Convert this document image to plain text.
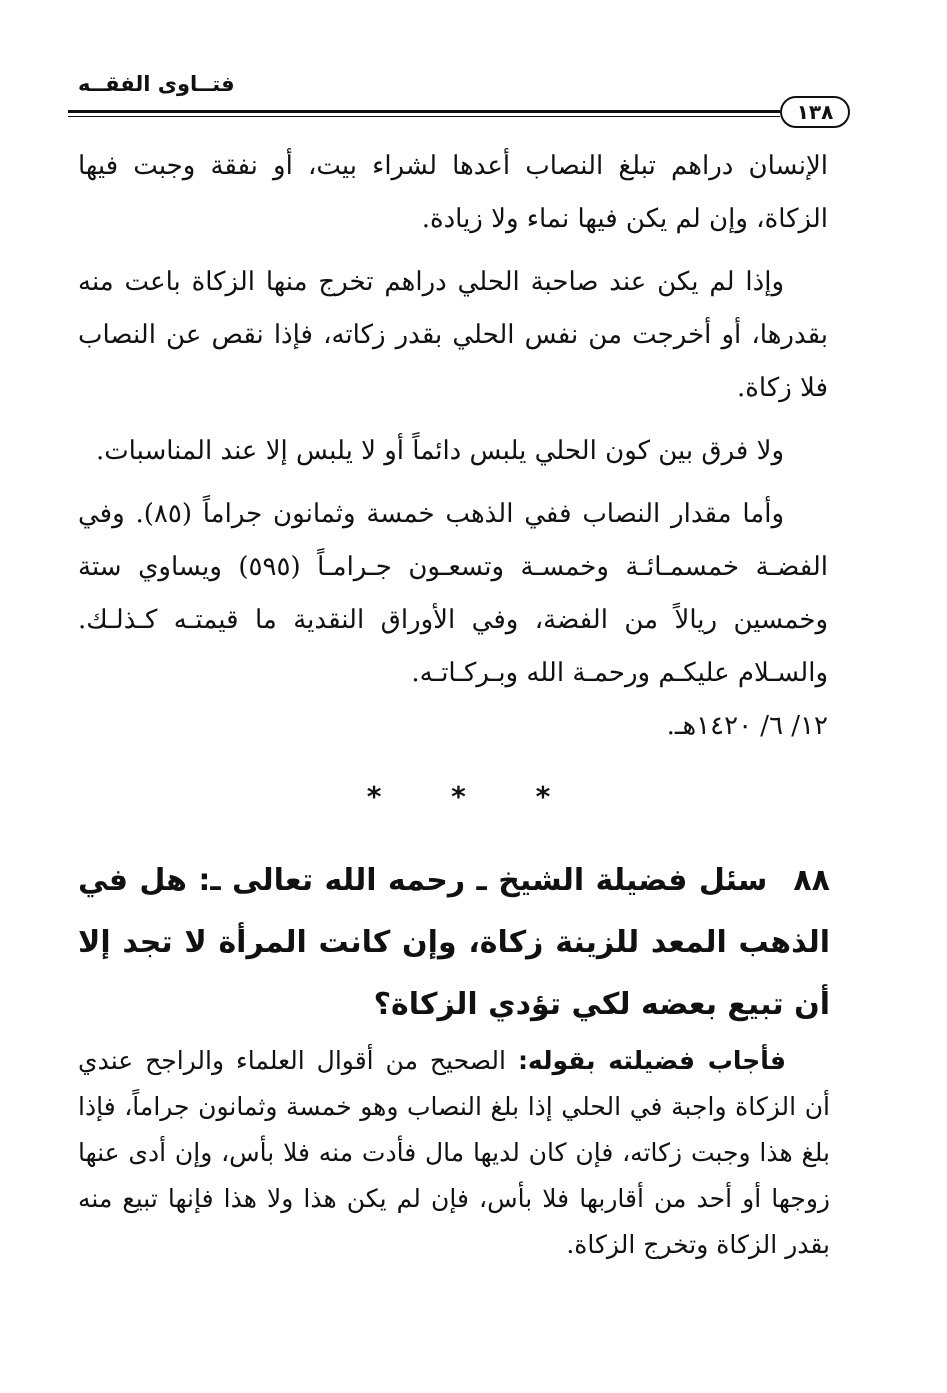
فتــاوى الفقــه
١٣٨

الإنسان دراهم تبلغ النصاب أعدها لشراء بيت، أو نفقة وجبت فيها الزكاة، وإن لم يكن فيها نماء ولا زيادة.

وإذا لم يكن عند صاحبة الحلي دراهم تخرج منها الزكاة باعت منه بقدرها، أو أخرجت من نفس الحلي بقدر زكاته، فإذا نقص عن النصاب فلا زكاة.

ولا فرق بين كون الحلي يلبس دائماً أو لا يلبس إلا عند المناسبات.

وأما مقدار النصاب ففي الذهب خمسة وثمانون جراماً (٨٥). وفي الفضـة خمسمـائـة وخمسـة وتسعـون جـرامـاً (٥٩٥) ويساوي ستة وخمسين ريالاً من الفضة، وفي الأوراق النقدية ما قيمتـه كـذلـك. والسـلام عليكـم ورحمـة الله وبـركـاتـه.

١٢/ ٦/ ١٤٢٠هـ.
* * *
٨٨سئل فضيلة الشيخ ـ رحمه الله تعالى ـ: هل في الذهب المعد للزينة زكاة، وإن كانت المرأة لا تجد إلا أن تبيع بعضه لكي تؤدي الزكاة؟
فأجاب فضيلته بقوله: الصحيح من أقوال العلماء والراجح عندي أن الزكاة واجبة في الحلي إذا بلغ النصاب وهو خمسة وثمانون جراماً، فإذا بلغ هذا وجبت زكاته، فإن كان لديها مال فأدت منه فلا بأس، وإن أدى عنها زوجها أو أحد من أقاربها فلا بأس، فإن لم يكن هذا ولا هذا فإنها تبيع منه بقدر الزكاة وتخرج الزكاة.
